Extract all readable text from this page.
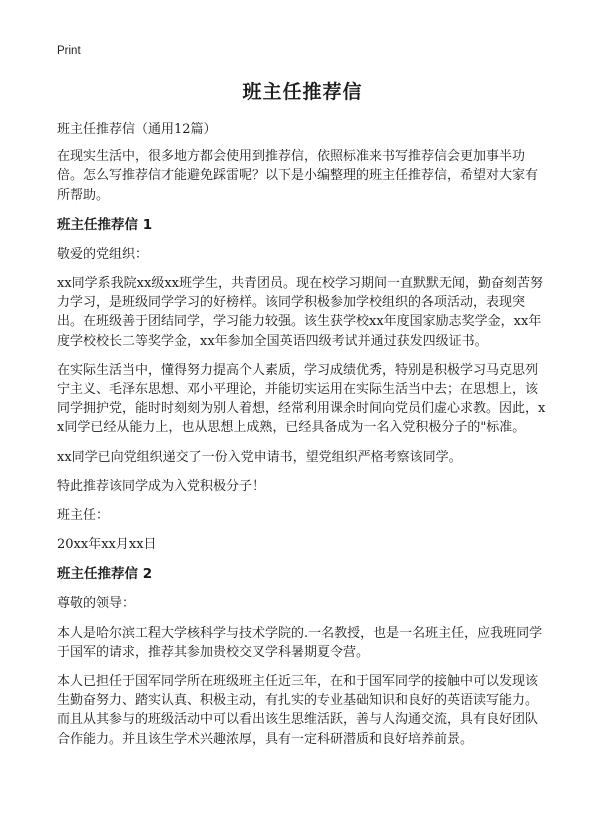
Print
班主任推荐信

班主任推荐信（通用12篇）

在现实生活中，很多地方都会使用到推荐信，依照标准来书写推荐信会更加事半功倍。怎么写推荐信才能避免踩雷呢？以下是小编整理的班主任推荐信，希望对大家有所帮助。

班主任推荐信 1

敬爱的党组织：

xx同学系我院xx级xx班学生，共青团员。现在校学习期间一直默默无闻，勤奋刻苦努力学习，是班级同学学习的好榜样。该同学积极参加学校组织的各项活动，表现突出。在班级善于团结同学，学习能力较强。该生获学校xx年度国家励志奖学金，xx年度学校校长二等奖学金，xx年参加全国英语四级考试并通过获发四级证书。

在实际生活当中，懂得努力提高个人素质，学习成绩优秀，特别是积极学习马克思列宁主义、毛泽东思想、邓小平理论，并能切实运用在实际生活当中去；在思想上，该同学拥护党，能时时刻刻为别人着想，经常利用课余时间向党员们虚心求教。因此，xx同学已经从能力上，也从思想上成熟，已经具备成为一名入党积极分子的"标准。

xx同学已向党组织递交了一份入党申请书，望党组织严格考察该同学。

特此推荐该同学成为入党积极分子！

班主任：

20xx年xx月xx日

班主任推荐信 2

尊敬的领导：

本人是哈尔滨工程大学核科学与技术学院的.一名教授，也是一名班主任，应我班同学于国军的请求，推荐其参加贵校交叉学科暑期夏令营。

本人已担任于国军同学所在班级班主任近三年，在和于国军同学的接触中可以发现该生勤奋努力、踏实认真、积极主动，有扎实的专业基础知识和良好的英语读写能力。而且从其参与的班级活动中可以看出该生思维活跃，善与人沟通交流，具有良好团队合作能力。并且该生学术兴趣浓厚，具有一定科研潜质和良好培养前景。
